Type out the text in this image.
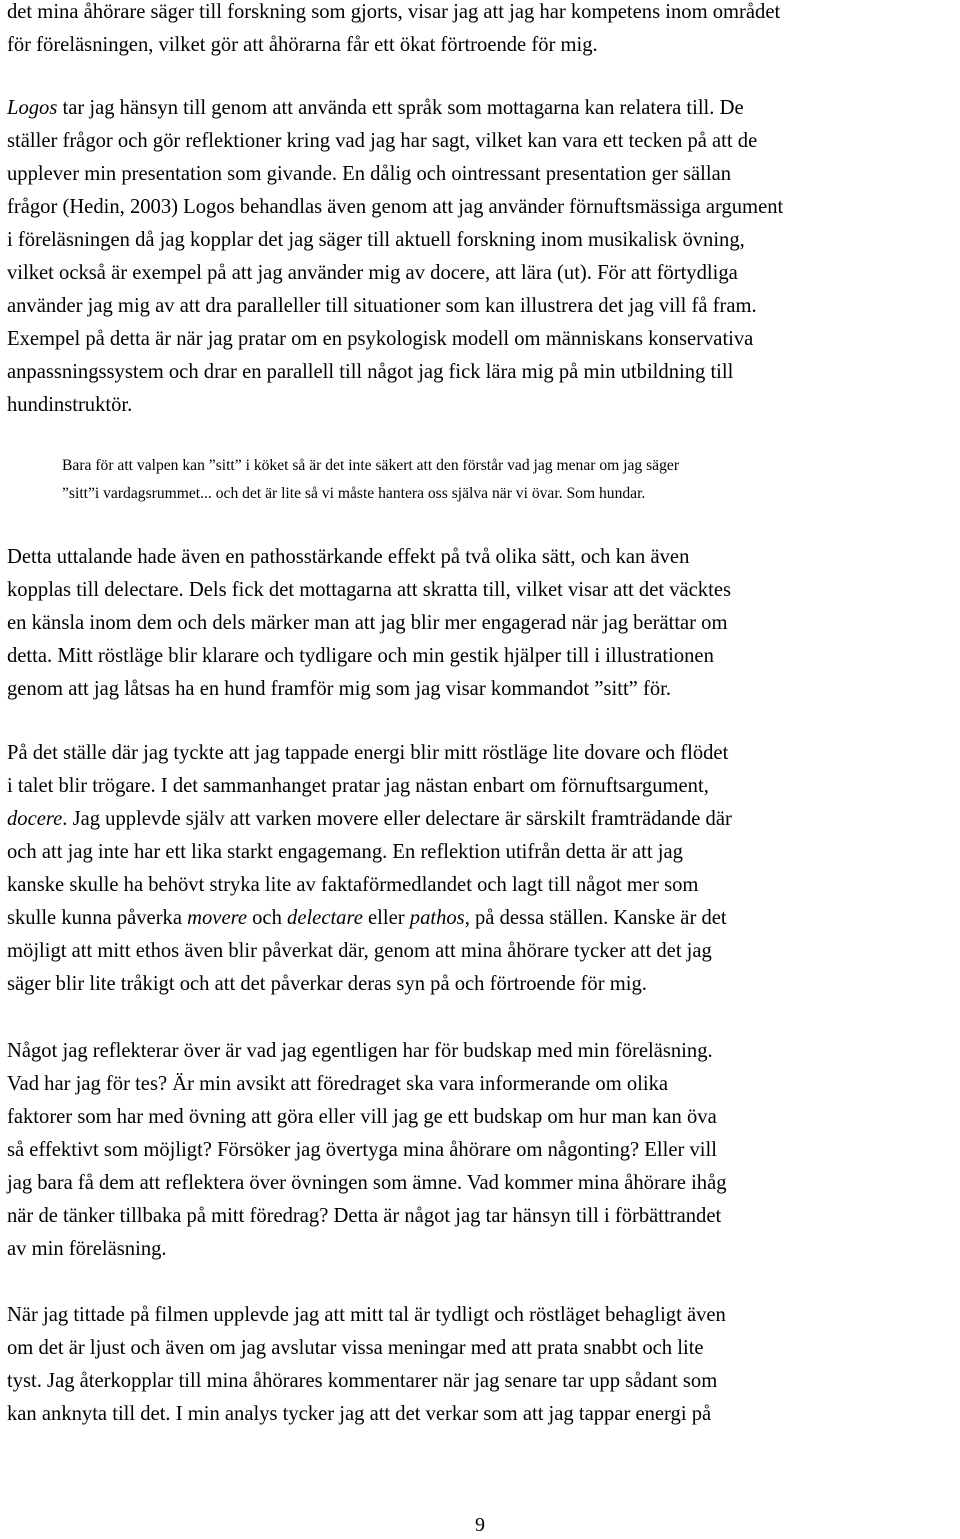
det mina åhörare säger till forskning som gjorts, visar jag att jag har kompetens inom området
för föreläsningen, vilket gör att åhörarna får ett ökat förtroende för mig.

Logos tar jag hänsyn till genom att använda ett språk som mottagarna kan relatera till. De
ställer frågor och gör reflektioner kring vad jag har sagt, vilket kan vara ett tecken på att de
upplever min presentation som givande. En dålig och ointressant presentation ger sällan
frågor (Hedin, 2003) Logos behandlas även genom att jag använder förnuftsmässiga argument
i föreläsningen då jag kopplar det jag säger till aktuell forskning inom musikalisk övning,
vilket också är exempel på att jag använder mig av docere, att lära (ut). För att förtydliga
använder jag mig av att dra paralleller till situationer som kan illustrera det jag vill få fram.
Exempel på detta är när jag pratar om en psykologisk modell om människans konservativa
anpassningssystem och drar en parallell till något jag fick lära mig på min utbildning till
hundinstruktör.

Bara för att valpen kan ”sitt” i köket så är det inte säkert att den förstår vad jag menar om jag säger
”sitt”i vardagsrummet... och det är lite så vi måste hantera oss själva när vi övar. Som hundar.

Detta uttalande hade även en pathosstärkande effekt på två olika sätt, och kan även
kopplas till delectare. Dels fick det mottagarna att skratta till, vilket visar att det väcktes
en känsla inom dem och dels märker man att jag blir mer engagerad när jag berättar om
detta. Mitt röstläge blir klarare och tydligare och min gestik hjälper till i illustrationen
genom att jag låtsas ha en hund framför mig som jag visar kommandot ”sitt” för.

På det ställe där jag tyckte att jag tappade energi blir mitt röstläge lite dovare och flödet
i talet blir trögare. I det sammanhanget pratar jag nästan enbart om förnuftsargument,
docere. Jag upplevde själv att varken movere eller delectare är särskilt framträdande där
och att jag inte har ett lika starkt engagemang. En reflektion utifrån detta är att jag
kanske skulle ha behövt stryka lite av faktaförmedlandet och lagt till något mer som
skulle kunna påverka movere och delectare eller pathos, på dessa ställen. Kanske är det
möjligt att mitt ethos även blir påverkat där, genom att mina åhörare tycker att det jag
säger blir lite tråkigt och att det påverkar deras syn på och förtroende för mig.

Något jag reflekterar över är vad jag egentligen har för budskap med min föreläsning.
Vad har jag för tes? Är min avsikt att föredraget ska vara informerande om olika
faktorer som har med övning att göra eller vill jag ge ett budskap om hur man kan öva
så effektivt som möjligt? Försöker jag övertyga mina åhörare om någonting? Eller vill
jag bara få dem att reflektera över övningen som ämne. Vad kommer mina åhörare ihåg
när de tänker tillbaka på mitt föredrag? Detta är något jag tar hänsyn till i förbättrandet
av min föreläsning.

När jag tittade på filmen upplevde jag att mitt tal är tydligt och röstläget behagligt även
om det är ljust och även om jag avslutar vissa meningar med att prata snabbt och lite
tyst. Jag återkopplar till mina åhörares kommentarer när jag senare tar upp sådant som
kan anknyta till det. I min analys tycker jag att det verkar som att jag tappar energi på

9
